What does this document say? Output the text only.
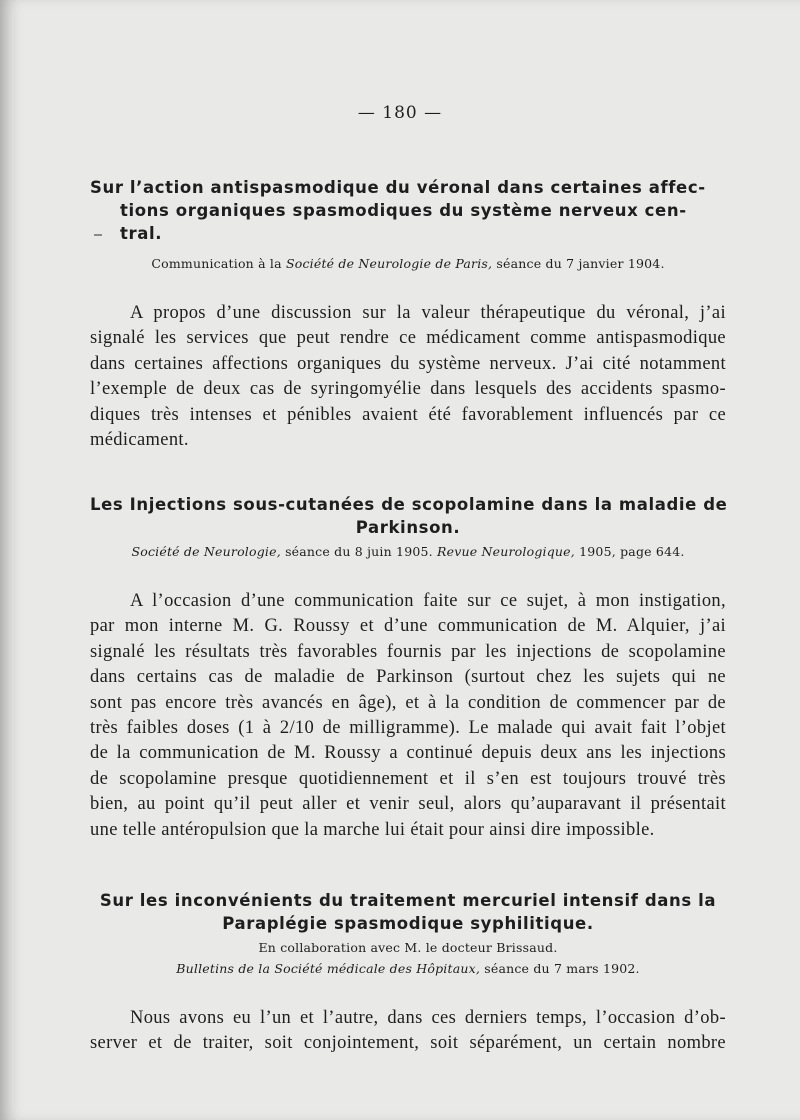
— 180 —
Sur l’action antispasmodique du véronal dans certaines affec-
tions organiques spasmodiques du système nerveux cen-
tral.

Communication à la Société de Neurologie de Paris, séance du 7 janvier 1904.

A propos d’une discussion sur la valeur thérapeutique du véronal, j’ai
signalé les services que peut rendre ce médicament comme antispasmodique
dans certaines affections organiques du système nerveux. J’ai cité notamment
l’exemple de deux cas de syringomyélie dans lesquels des accidents spasmo-
diques très intenses et pénibles avaient été favorablement influencés par ce
médicament.

Les Injections sous-cutanées de scopolamine dans la maladie de
Parkinson.

Société de Neurologie, séance du 8 juin 1905. Revue Neurologique, 1905, page 644.

A l’occasion d’une communication faite sur ce sujet, à mon instigation,
par mon interne M. G. Roussy et d’une communication de M. Alquier, j’ai
signalé les résultats très favorables fournis par les injections de scopolamine
dans certains cas de maladie de Parkinson (surtout chez les sujets qui ne
sont pas encore très avancés en âge), et à la condition de commencer par de
très faibles doses (1 à 2/10 de milligramme). Le malade qui avait fait l’objet
de la communication de M. Roussy a continué depuis deux ans les injections
de scopolamine presque quotidiennement et il s’en est toujours trouvé très
bien, au point qu’il peut aller et venir seul, alors qu’auparavant il présentait
une telle antéropulsion que la marche lui était pour ainsi dire impossible.

Sur les inconvénients du traitement mercuriel intensif dans la
Paraplégie spasmodique syphilitique.

En collaboration avec M. le docteur Brissaud.

Bulletins de la Société médicale des Hôpitaux, séance du 7 mars 1902.

Nous avons eu l’un et l’autre, dans ces derniers temps, l’occasion d’ob-
server et de traiter, soit conjointement, soit séparément, un certain nombre
